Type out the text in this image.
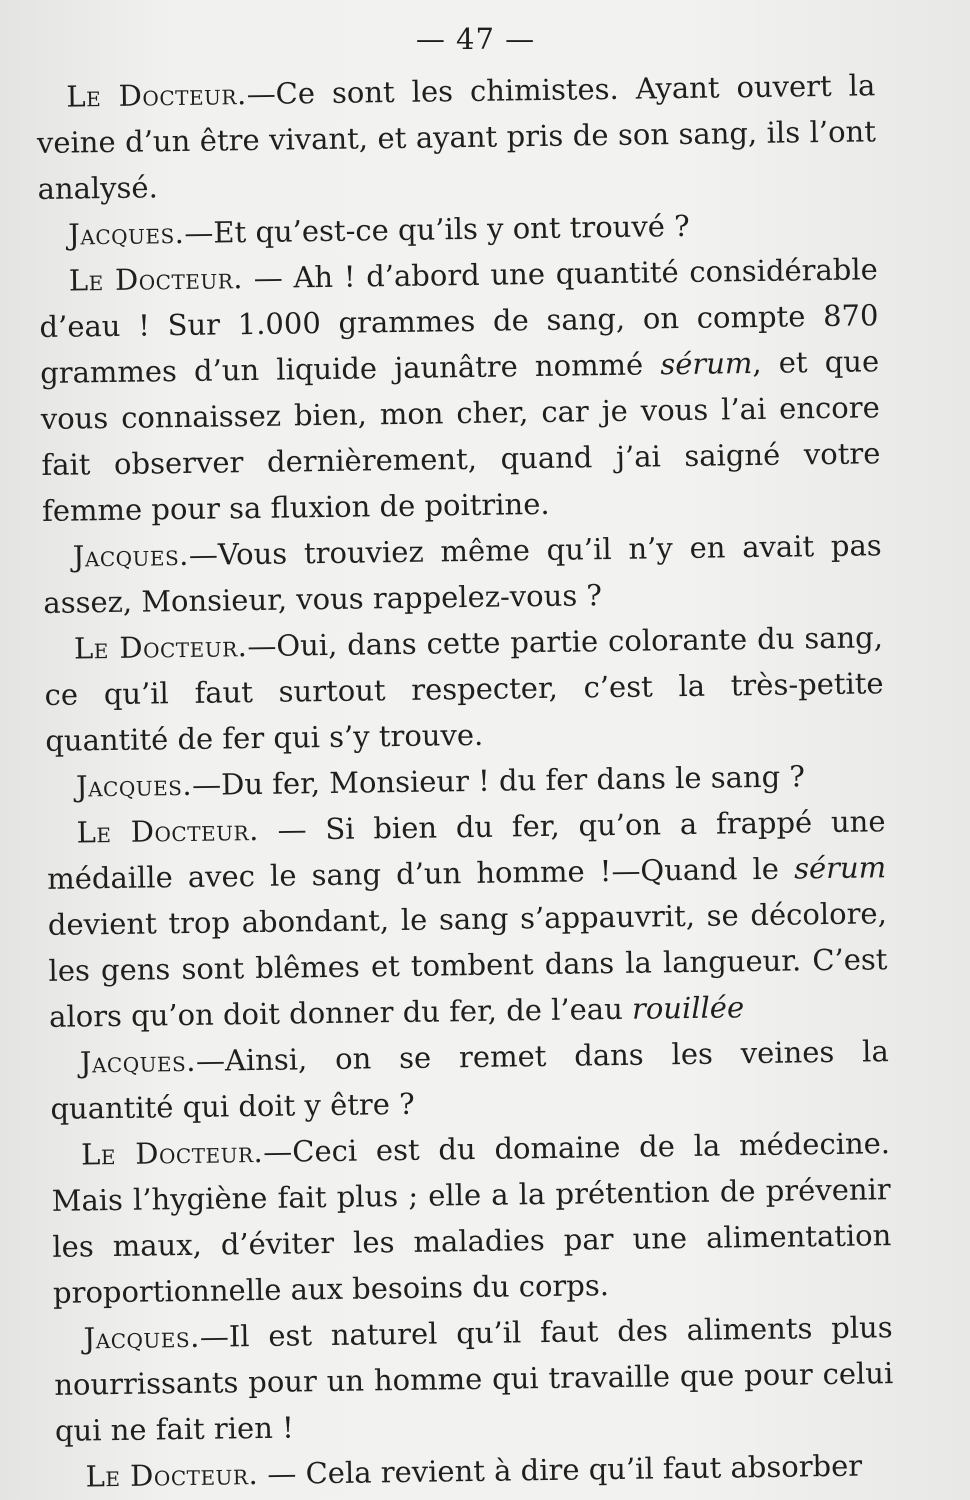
— 47 —

Le Docteur.—Ce sont les chimistes. Ayant ouvert la veine d’un être vivant, et ayant pris de son sang, ils l’ont analysé.

Jacques.—Et qu’est-ce qu’ils y ont trouvé ?

Le Docteur. — Ah ! d’abord une quantité considérable d’eau ! Sur 1.000 grammes de sang, on compte 870 grammes d’un liquide jaunâtre nommé sérum, et que vous connaissez bien, mon cher, car je vous l’ai encore fait observer dernièrement, quand j’ai saigné votre femme pour sa fluxion de poitrine.

Jacques.—Vous trouviez même qu’il n’y en avait pas assez, Monsieur, vous rappelez-vous ?

Le Docteur.—Oui, dans cette partie colorante du sang, ce qu’il faut surtout respecter, c’est la très-petite quantité de fer qui s’y trouve.

Jacques.—Du fer, Monsieur ! du fer dans le sang ?

Le Docteur. — Si bien du fer, qu’on a frappé une médaille avec le sang d’un homme !—Quand le sérum devient trop abondant, le sang s’appauvrit, se décolore, les gens sont blêmes et tombent dans la langueur. C’est alors qu’on doit donner du fer, de l’eau rouillée

Jacques.—Ainsi, on se remet dans les veines la quantité qui doit y être ?

Le Docteur.—Ceci est du domaine de la médecine. Mais l’hygiène fait plus ; elle a la prétention de prévenir les maux, d’éviter les maladies par une alimentation proportionnelle aux besoins du corps.

Jacques.—Il est naturel qu’il faut des aliments plus nourrissants pour un homme qui travaille que pour celui qui ne fait rien !

Le Docteur. — Cela revient à dire qu’il faut absorber
